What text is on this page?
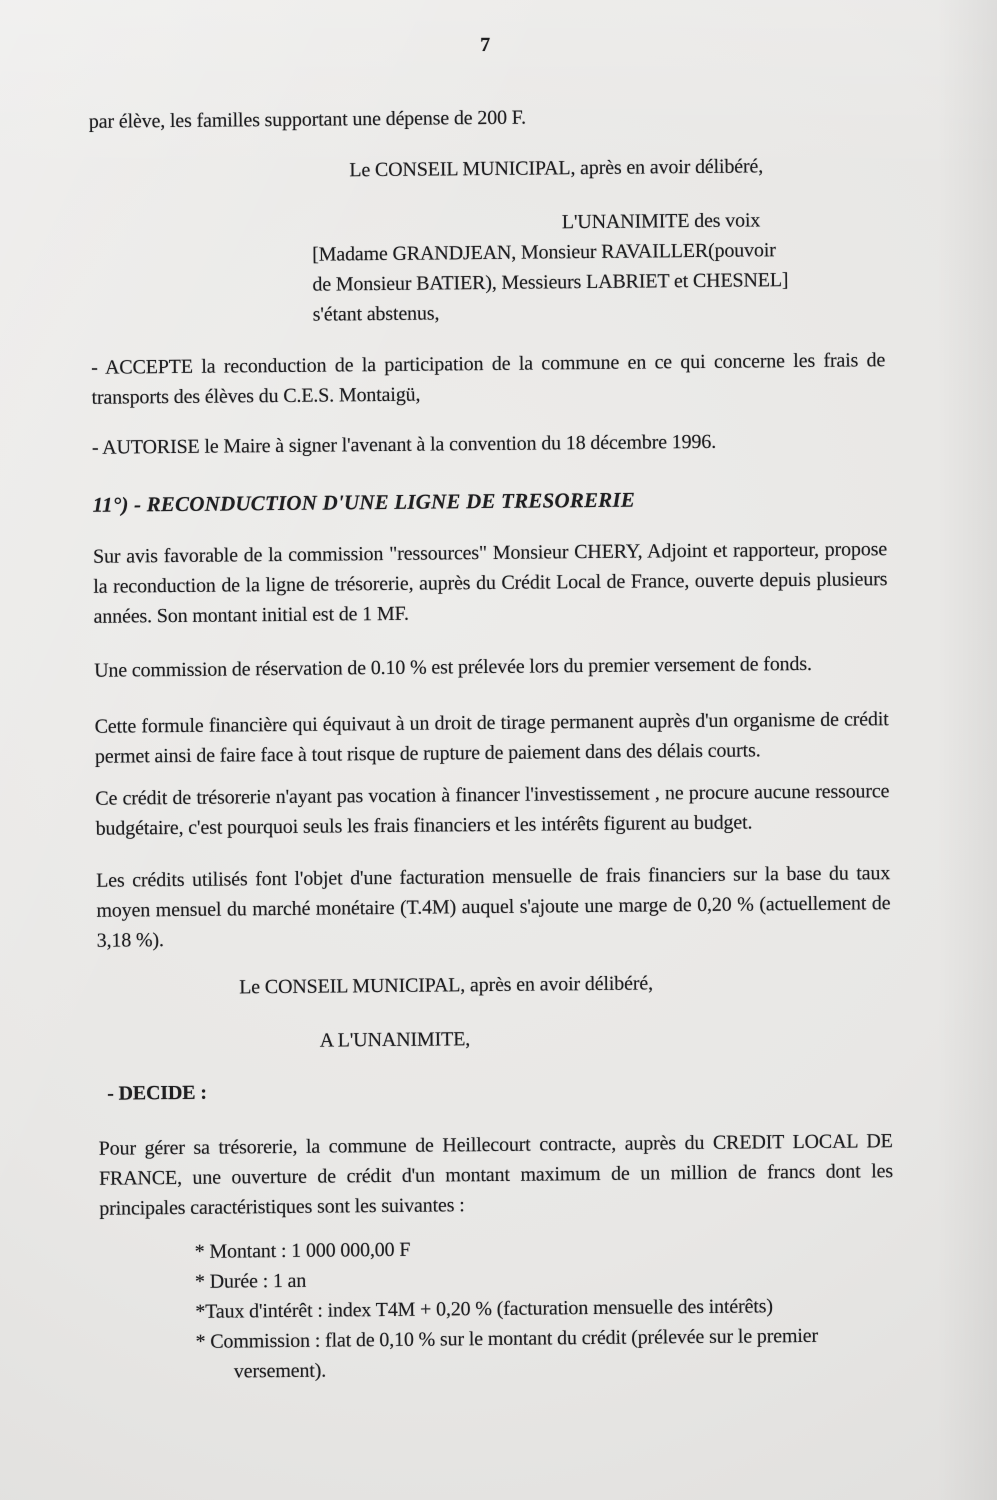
7

par élève, les familles supportant une dépense de 200 F.

Le CONSEIL MUNICIPAL, après en avoir délibéré,

L'UNANIMITE des voix

[Madame GRANDJEAN, Monsieur RAVAILLER(pouvoir

de Monsieur BATIER), Messieurs LABRIET et CHESNEL]

s'étant abstenus,

- ACCEPTE la reconduction de la participation de la commune en ce qui concerne les frais de transports des élèves du C.E.S. Montaigü,

- AUTORISE le Maire à signer l'avenant à la convention du 18 décembre 1996.

11°) - RECONDUCTION D'UNE LIGNE DE TRESORERIE

Sur avis favorable de la commission "ressources" Monsieur CHERY, Adjoint et rapporteur, propose la reconduction de la ligne de trésorerie, auprès du Crédit Local de France, ouverte depuis plusieurs années. Son montant initial est de 1 MF.

Une commission de réservation de 0.10 % est prélevée lors du premier versement de fonds.

Cette formule financière qui équivaut à un droit de tirage permanent auprès d'un organisme de crédit permet ainsi de faire face à tout risque de rupture de paiement dans des délais courts.

Ce crédit de trésorerie n'ayant pas vocation à financer l'investissement , ne procure aucune ressource budgétaire, c'est pourquoi seuls les frais financiers et les intérêts figurent au budget.

Les crédits utilisés font l'objet d'une facturation mensuelle de frais financiers sur la base du taux moyen mensuel du marché monétaire (T.4M) auquel s'ajoute une marge de 0,20 % (actuellement de 3,18 %).

Le CONSEIL MUNICIPAL, après en avoir délibéré,

A L'UNANIMITE,

- DECIDE :

Pour gérer sa trésorerie, la commune de Heillecourt contracte, auprès du CREDIT LOCAL DE FRANCE, une ouverture de crédit d'un montant maximum de un million de francs dont les principales caractéristiques sont les suivantes :

* Montant : 1 000 000,00 F
* Durée : 1 an
*Taux d'intérêt : index T4M + 0,20 % (facturation mensuelle des intérêts)
* Commission : flat de 0,10 % sur le montant du crédit (prélevée sur le premier versement).
